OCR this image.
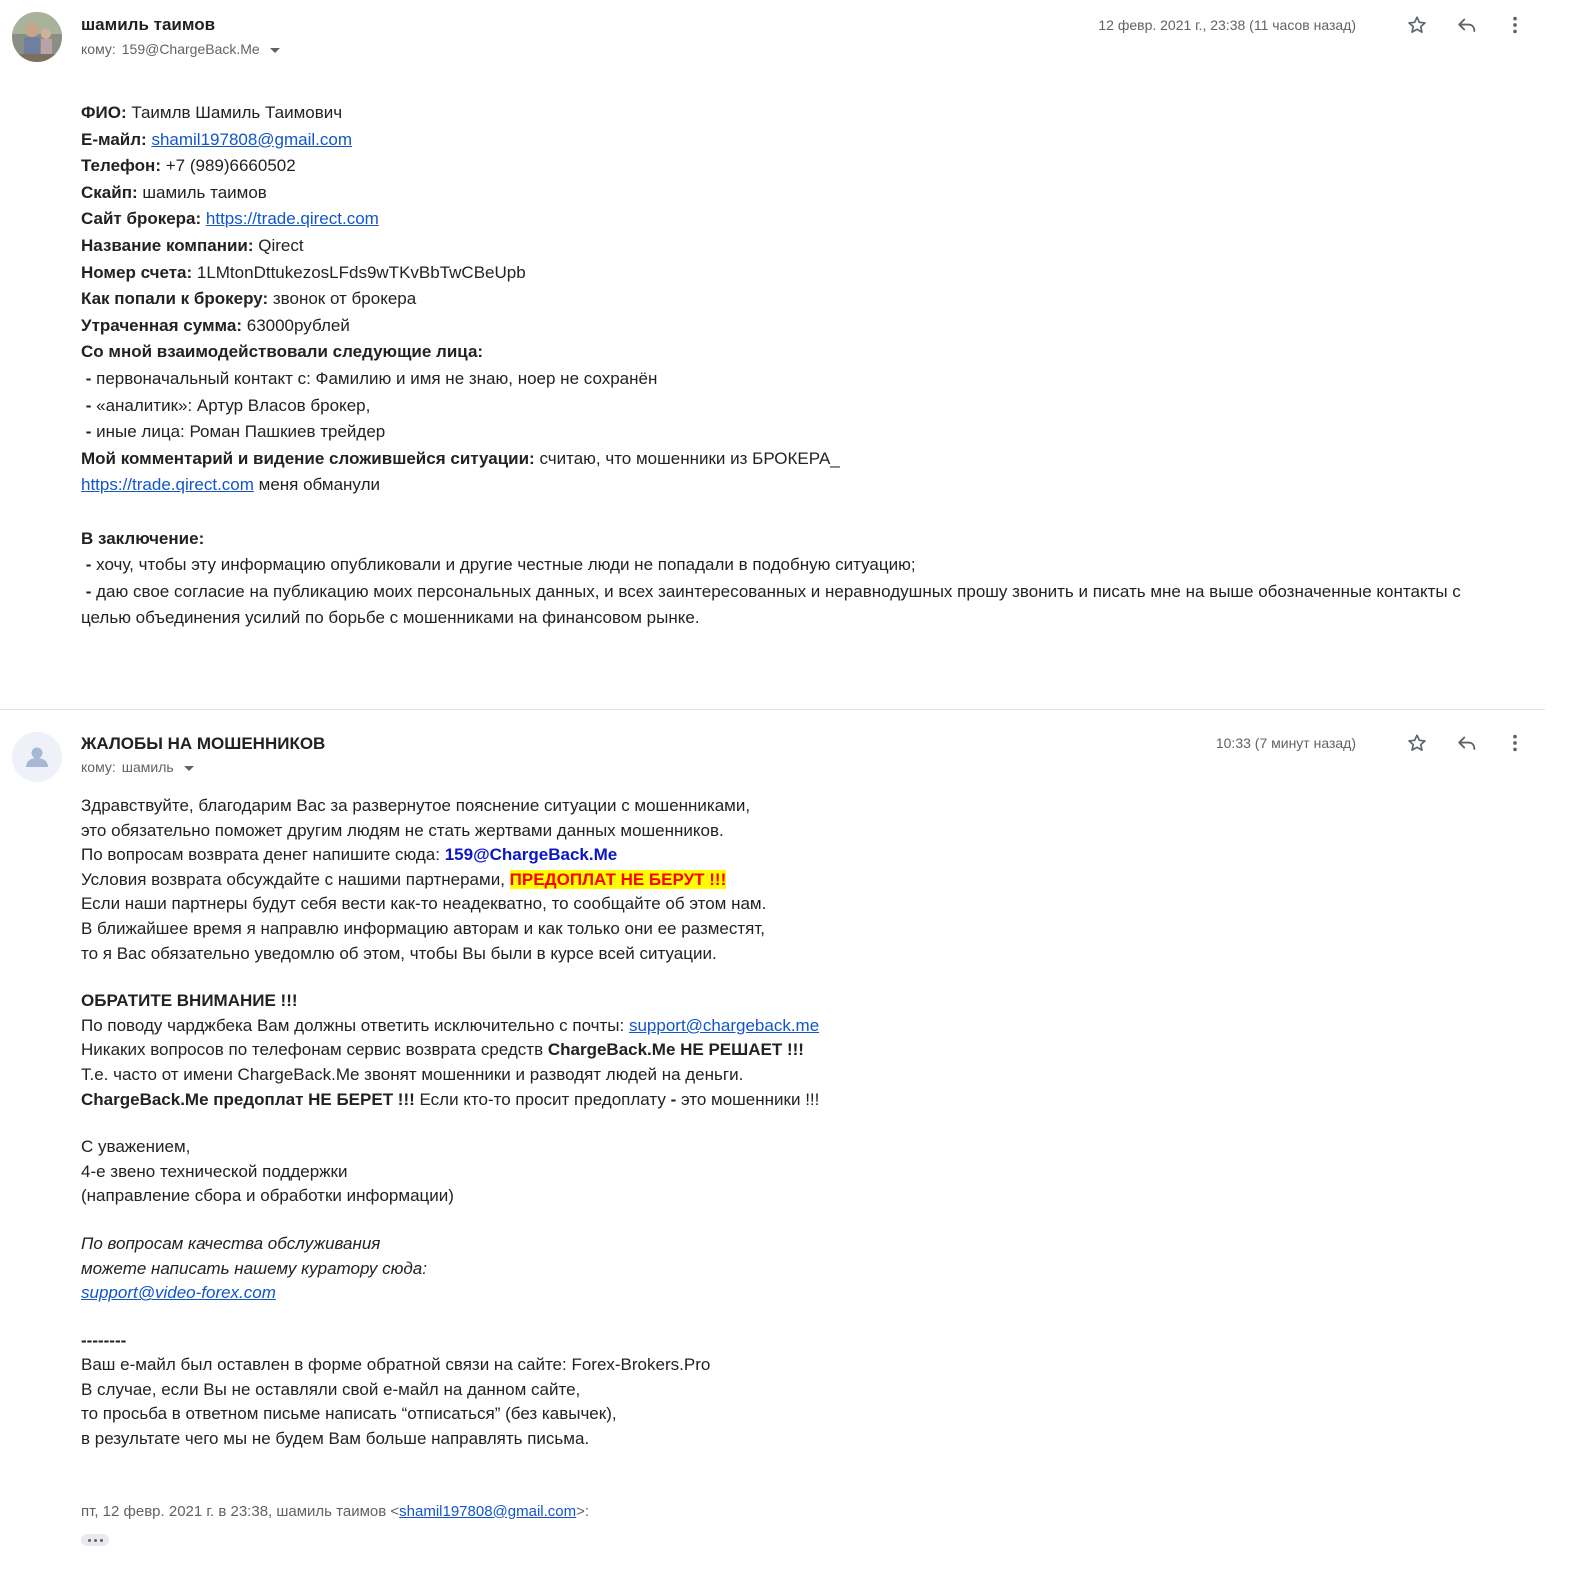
шамиль таимов
кому: 159@ChargeBack.Me
12 февр. 2021 г., 23:38 (11 часов назад)
ФИО: Таимлв Шамиль Таимович
Е-майл: shamil197808@gmail.com
Телефон: +7 (989)6660502
Скайп: шамиль таимов
Сайт брокера: https://trade.qirect.com
Название компании: Qirect
Номер счета: 1LMtonDttukezosLFds9wTKvBbTwCBeUpb
Как попали к брокеру: звонок от брокера
Утраченная сумма: 63000рублей
Со мной взаимодействовали следующие лица:
- первоначальный контакт с: Фамилию и имя не знаю, ноер не сохранён
- «аналитик»: Артур Власов брокер,
- иные лица: Роман Пашкиев трейдер
Мой комментарий и видение сложившейся ситуации: считаю, что мошенники из БРОКЕРА_
https://trade.qirect.com меня обманули
В заключение:
- хочу, чтобы эту информацию опубликовали и другие честные люди не попадали в подобную ситуацию;
- даю свое согласие на публикацию моих персональных данных, и всех заинтересованных и неравнодушных прошу звонить и писать мне на выше обозначенные контакты с целью объединения усилий по борьбе с мошенниками на финансовом рынке.
ЖАЛОБЫ НА МОШЕННИКОВ
кому: шамиль
10:33 (7 минут назад)
Здравствуйте, благодарим Вас за развернутое пояснение ситуации с мошенниками,
это обязательно поможет другим людям не стать жертвами данных мошенников.
По вопросам возврата денег напишите сюда: 159@ChargeBack.Me
Условия возврата обсуждайте с нашими партнерами, ПРЕДОПЛАТ НЕ БЕРУТ !!!
Если наши партнеры будут себя вести как-то неадекватно, то сообщайте об этом нам.
В ближайшее время я направлю информацию авторам и как только они ее разместят,
то я Вас обязательно уведомлю об этом, чтобы Вы были в курсе всей ситуации.
ОБРАТИТЕ ВНИМАНИЕ !!!
По поводу чарджбека Вам должны ответить исключительно с почты: support@chargeback.me
Никаких вопросов по телефонам сервис возврата средств ChargeBack.Me НЕ РЕШАЕТ !!!
Т.е. часто от имени ChargeBack.Me звонят мошенники и разводят людей на деньги.
ChargeBack.Me предоплат НЕ БЕРЕТ !!! Если кто-то просит предоплату - это мошенники !!!
С уважением,
4-е звено технической поддержки
(направление сбора и обработки информации)
По вопросам качества обслуживания
можете написать нашему куратору сюда:
support@video-forex.com
--------
Ваш е-майл был оставлен в форме обратной связи на сайте: Forex-Brokers.Pro
В случае, если Вы не оставляли свой е-майл на данном сайте,
то просьба в ответном письме написать “отписаться” (без кавычек),
в результате чего мы не будем Вам больше направлять письма.
пт, 12 февр. 2021 г. в 23:38, шамиль таимов <shamil197808@gmail.com>:
